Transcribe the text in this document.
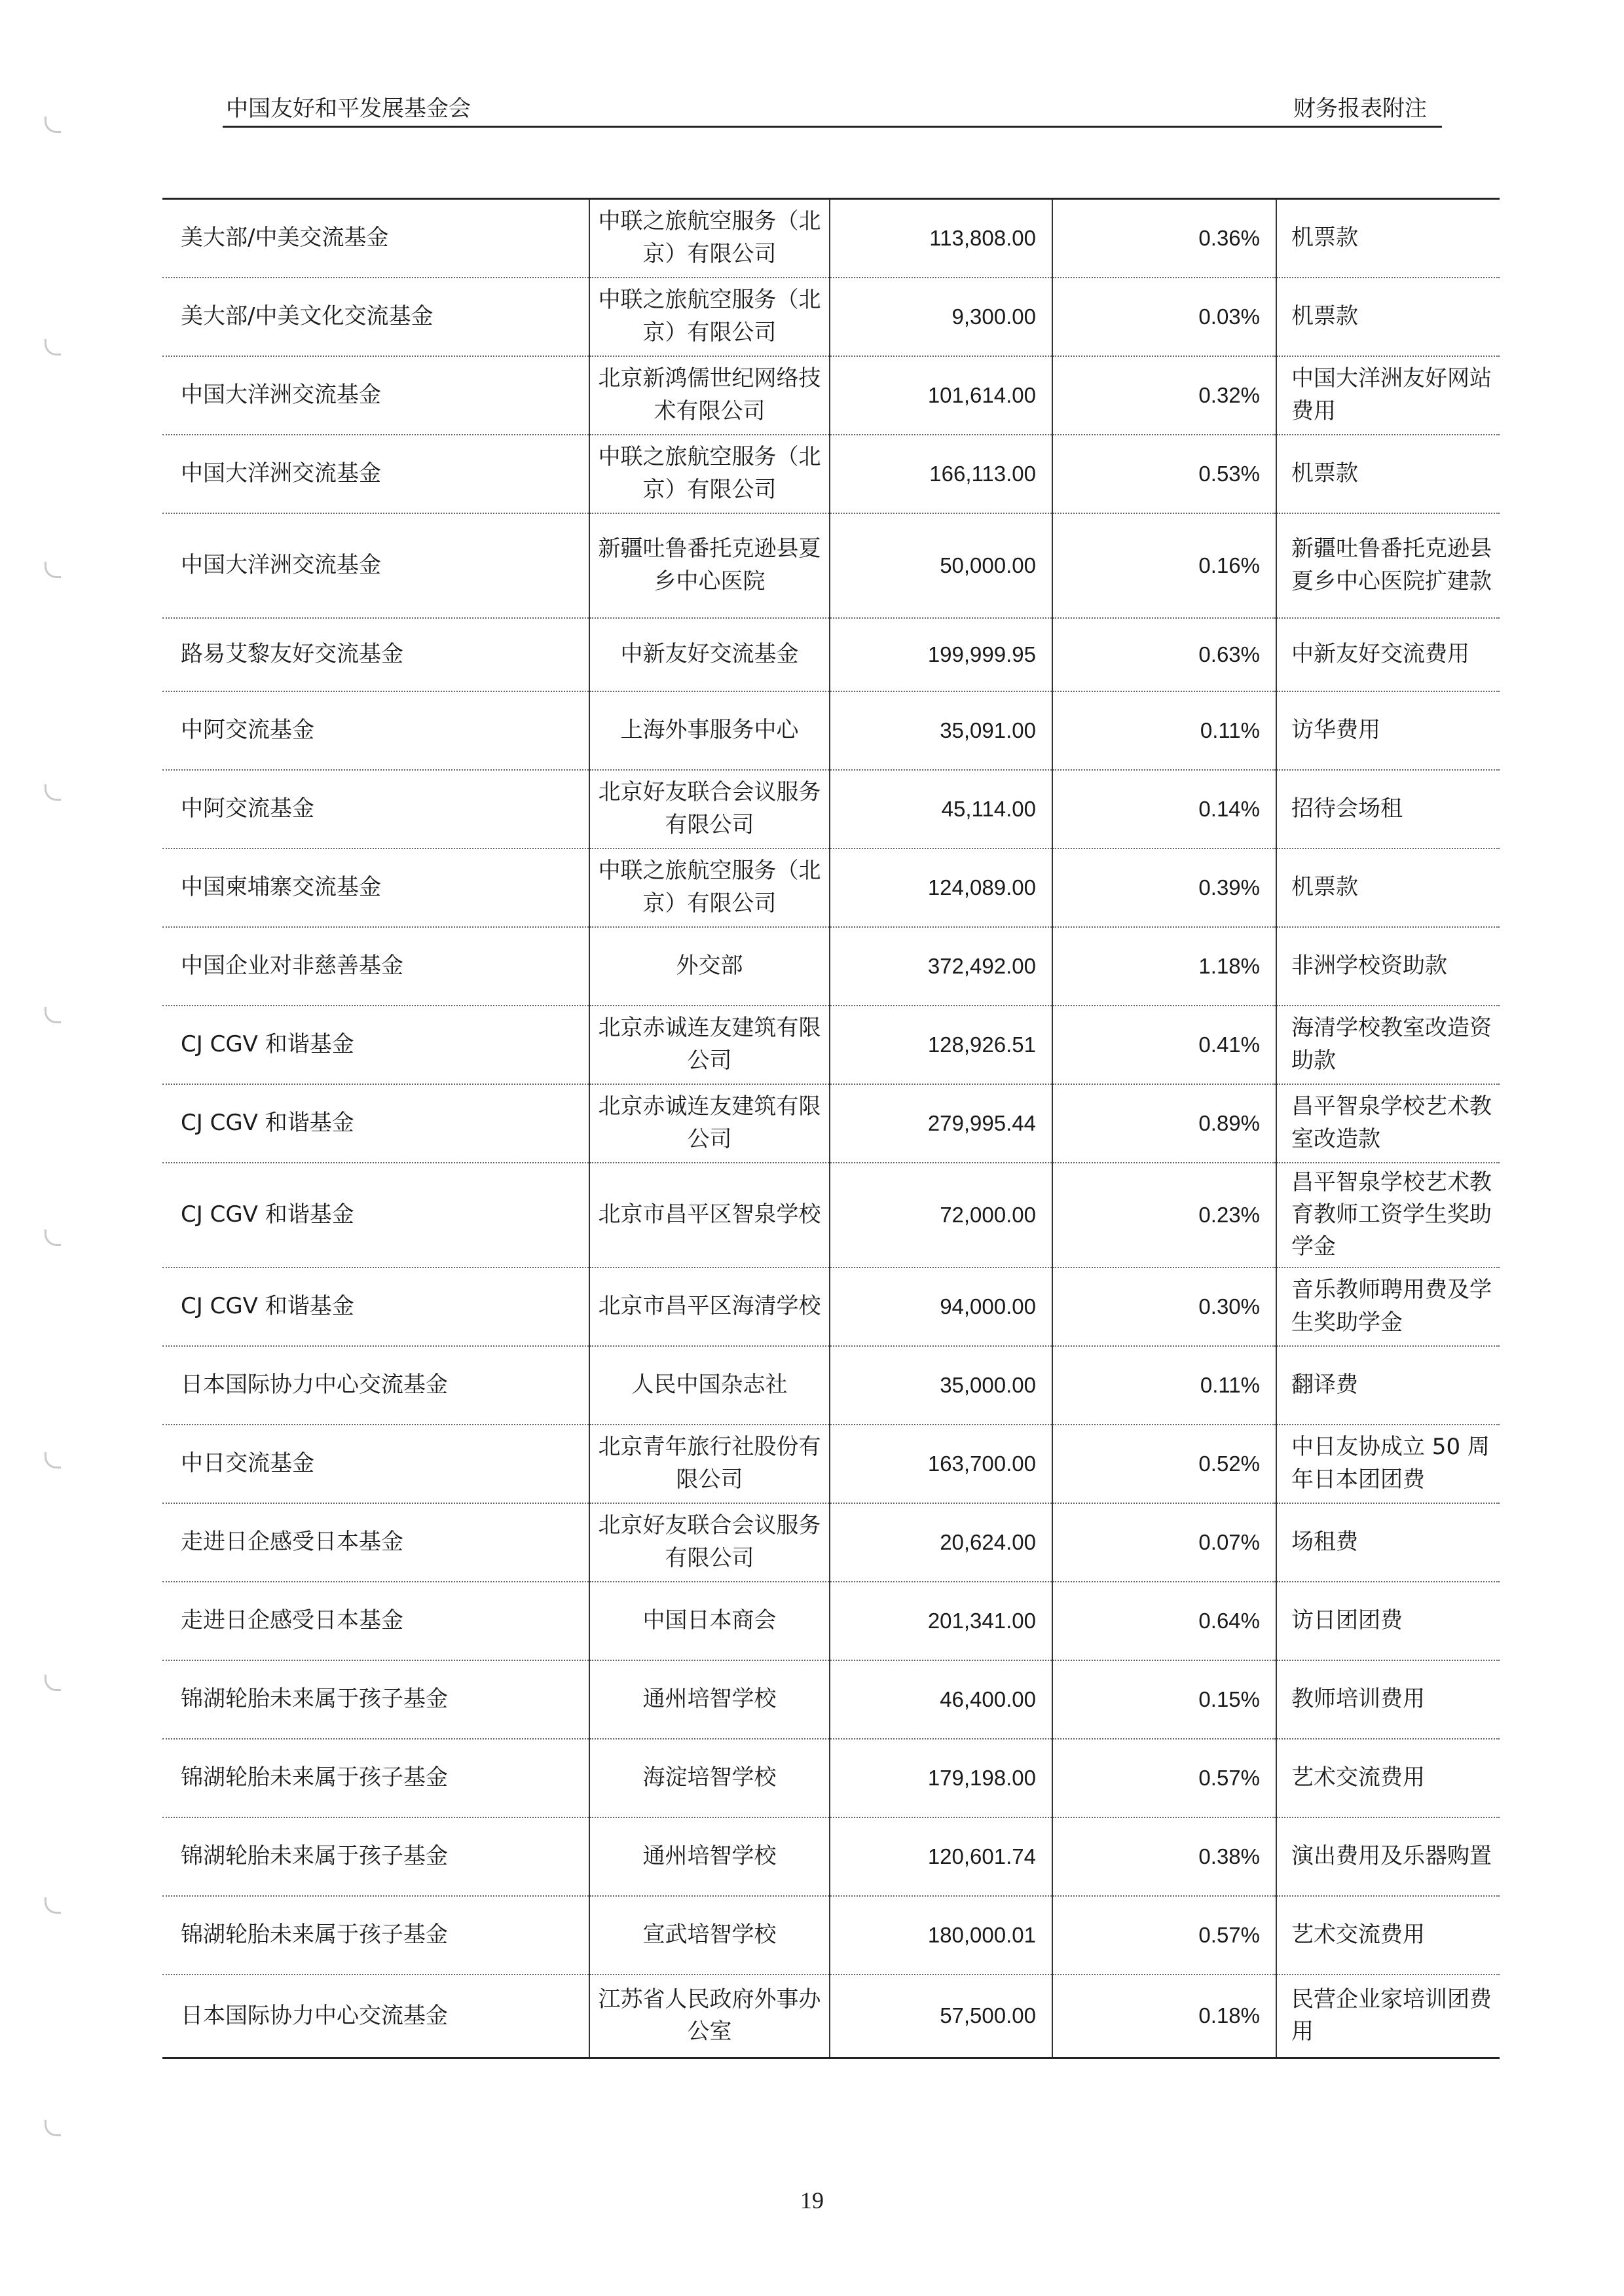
中国友好和平发展基金会	财务报表附注
美大部/中美交流基金	中联之旅航空服务（北京）有限公司	113,808.00	0.36%	机票款
美大部/中美文化交流基金	中联之旅航空服务（北京）有限公司	9,300.00	0.03%	机票款
中国大洋洲交流基金	北京新鸿儒世纪网络技术有限公司	101,614.00	0.32%	中国大洋洲友好网站费用
中国大洋洲交流基金	中联之旅航空服务（北京）有限公司	166,113.00	0.53%	机票款
中国大洋洲交流基金	新疆吐鲁番托克逊县夏乡中心医院	50,000.00	0.16%	新疆吐鲁番托克逊县夏乡中心医院扩建款
路易艾黎友好交流基金	中新友好交流基金	199,999.95	0.63%	中新友好交流费用
中阿交流基金	上海外事服务中心	35,091.00	0.11%	访华费用
中阿交流基金	北京好友联合会议服务有限公司	45,114.00	0.14%	招待会场租
中国柬埔寨交流基金	中联之旅航空服务（北京）有限公司	124,089.00	0.39%	机票款
中国企业对非慈善基金	外交部	372,492.00	1.18%	非洲学校资助款
CJ CGV 和谐基金	北京赤诚连友建筑有限公司	128,926.51	0.41%	海清学校教室改造资助款
CJ CGV 和谐基金	北京赤诚连友建筑有限公司	279,995.44	0.89%	昌平智泉学校艺术教室改造款
CJ CGV 和谐基金	北京市昌平区智泉学校	72,000.00	0.23%	昌平智泉学校艺术教育教师工资学生奖助学金
CJ CGV 和谐基金	北京市昌平区海清学校	94,000.00	0.30%	音乐教师聘用费及学生奖助学金
日本国际协力中心交流基金	人民中国杂志社	35,000.00	0.11%	翻译费
中日交流基金	北京青年旅行社股份有限公司	163,700.00	0.52%	中日友协成立 50 周年日本团团费
走进日企感受日本基金	北京好友联合会议服务有限公司	20,624.00	0.07%	场租费
走进日企感受日本基金	中国日本商会	201,341.00	0.64%	访日团团费
锦湖轮胎未来属于孩子基金	通州培智学校	46,400.00	0.15%	教师培训费用
锦湖轮胎未来属于孩子基金	海淀培智学校	179,198.00	0.57%	艺术交流费用
锦湖轮胎未来属于孩子基金	通州培智学校	120,601.74	0.38%	演出费用及乐器购置
锦湖轮胎未来属于孩子基金	宣武培智学校	180,000.01	0.57%	艺术交流费用
日本国际协力中心交流基金	江苏省人民政府外事办公室	57,500.00	0.18%	民营企业家培训团费用
19
